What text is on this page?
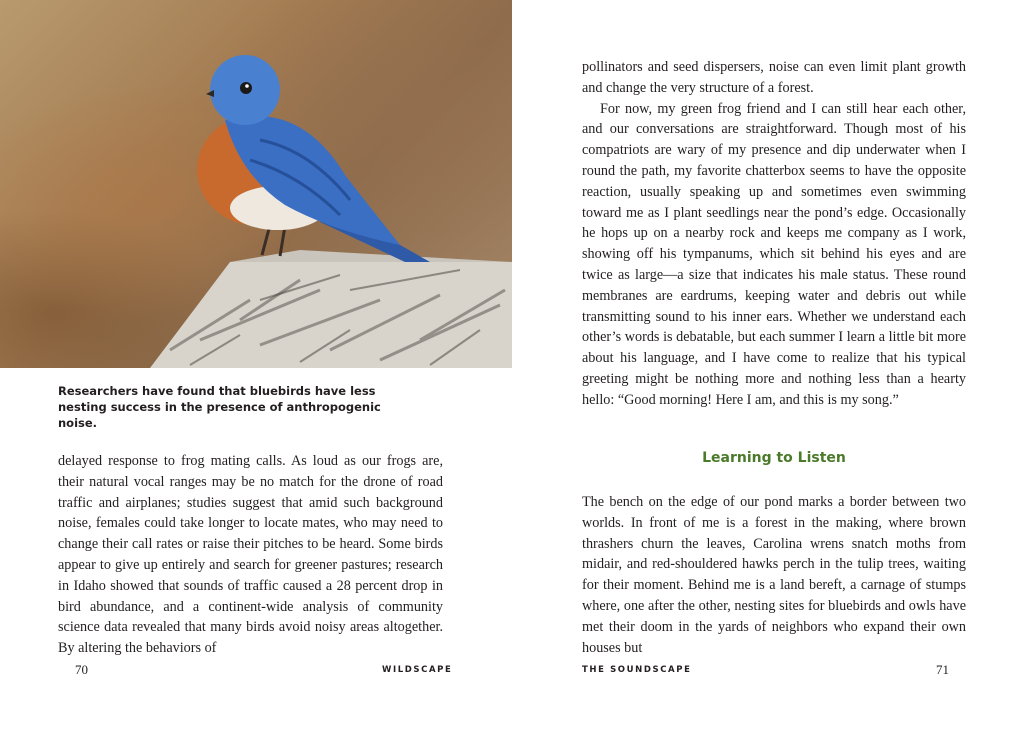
Researchers have found that bluebirds have less nesting success in the presence of anthropogenic noise.
delayed response to frog mating calls. As loud as our frogs are, their natural vocal ranges may be no match for the drone of road traffic and airplanes; studies suggest that amid such background noise, females could take longer to locate mates, who may need to change their call rates or raise their pitches to be heard. Some birds appear to give up entirely and search for greener pastures; research in Idaho showed that sounds of traffic caused a 28 percent drop in bird abundance, and a continent-wide analysis of community science data revealed that many birds avoid noisy areas altogether. By altering the behaviors of
70	WILDSCAPE

pollinators and seed dispersers, noise can even limit plant growth and change the very structure of a forest.

For now, my green frog friend and I can still hear each other, and our conversations are straightforward. Though most of his compatriots are wary of my presence and dip underwater when I round the path, my favorite chatterbox seems to have the opposite reaction, usually speaking up and sometimes even swimming toward me as I plant seedlings near the pond’s edge. Occasionally he hops up on a nearby rock and keeps me company as I work, showing off his tympanums, which sit behind his eyes and are twice as large—a size that indicates his male status. These round membranes are eardrums, keeping water and debris out while transmitting sound to his inner ears. Whether we understand each other’s words is debatable, but each summer I learn a little bit more about his language, and I have come to realize that his typical greeting might be nothing more and nothing less than a hearty hello: “Good morning! Here I am, and this is my song.”

Learning to Listen

The bench on the edge of our pond marks a border between two worlds. In front of me is a forest in the making, where brown thrashers churn the leaves, Carolina wrens snatch moths from midair, and red-shouldered hawks perch in the tulip trees, waiting for their moment. Behind me is a land bereft, a carnage of stumps where, one after the other, nesting sites for bluebirds and owls have met their doom in the yards of neighbors who expand their own houses but

THE SOUNDSCAPE	71
